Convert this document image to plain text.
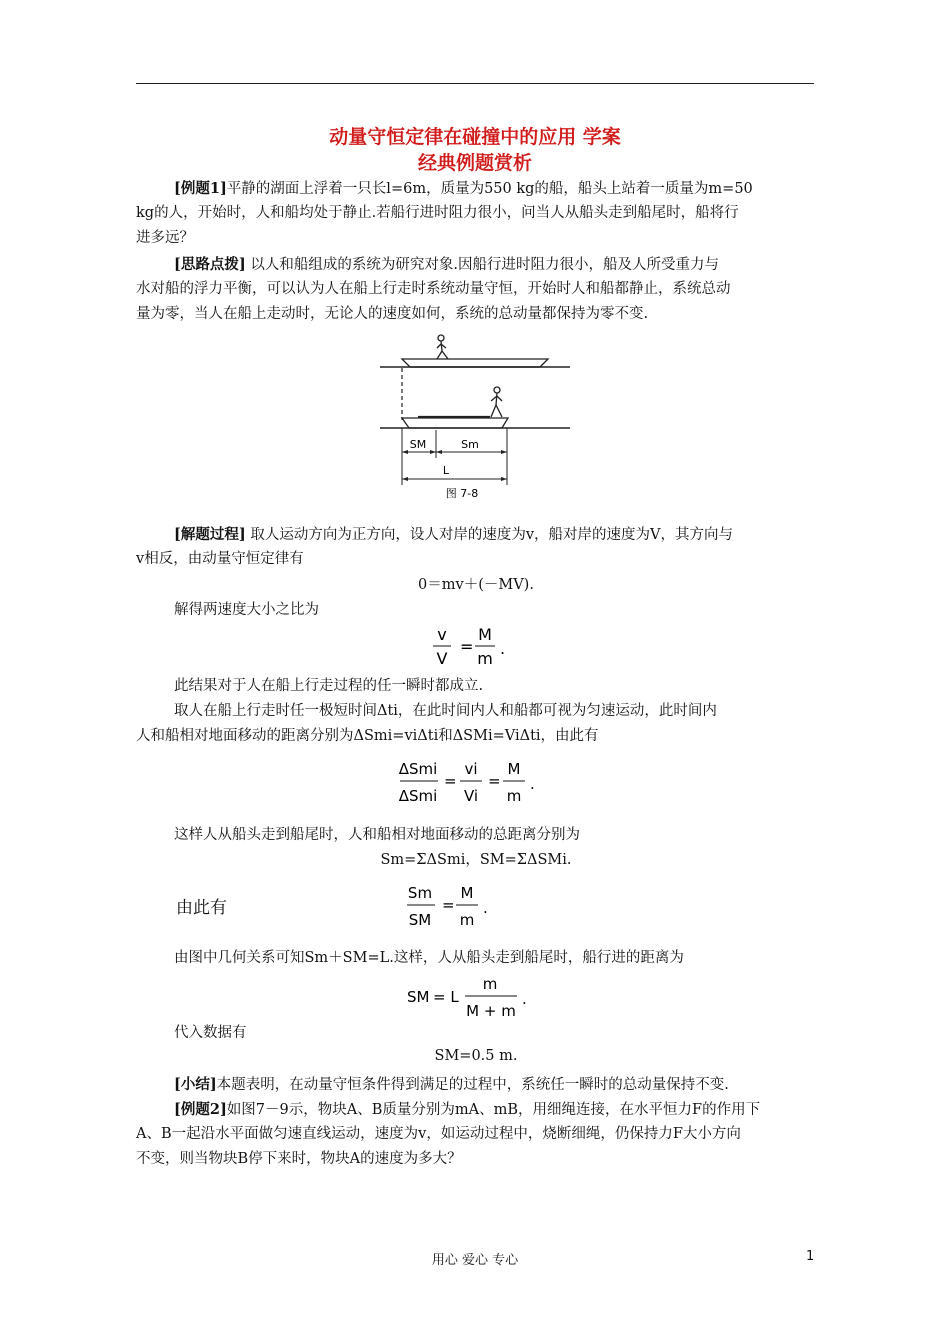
动量守恒定律在碰撞中的应用 学案
经典例题赏析
[例题1]平静的湖面上浮着一只长l=6m，质量为550 kg的船，船头上站着一质量为m=50
kg的人，开始时，人和船均处于静止.若船行进时阻力很小，问当人从船头走到船尾时，船将行
进多远？
[思路点拨] 以人和船组成的系统为研究对象.因船行进时阻力很小，船及人所受重力与
水对船的浮力平衡，可以认为人在船上行走时系统动量守恒，开始时人和船都静止，系统总动
量为零，当人在船上走动时，无论人的速度如何，系统的总动量都保持为零不变.
SM	Sm
L
图 7-8
[解题过程] 取人运动方向为正方向，设人对岸的速度为v，船对岸的速度为V，其方向与
v相反，由动量守恒定律有
0＝mv＋(－MV).
解得两速度大小之比为
v
V
=
M
m
.
此结果对于人在船上行走过程的任一瞬时都成立.
取人在船上行走时任一极短时间Δti，在此时间内人和船都可视为匀速运动，此时间内
人和船相对地面移动的距离分别为ΔSmi=viΔti和ΔSMi=ViΔti，由此有
ΔSmi
ΔSmi
=
vi
Vi
=
M
m
.
这样人从船头走到船尾时，人和船相对地面移动的总距离分别为
Sm=ΣΔSmi，SM=ΣΔSMi.
由此有
Sm
SM
=
M
m
.
由图中几何关系可知Sm＋SM=L.这样，人从船头走到船尾时，船行进的距离为
SM = L
m
M + m
.
代入数据有
SM=0.5 m.
[小结]本题表明，在动量守恒条件得到满足的过程中，系统任一瞬时的总动量保持不变.
[例题2]如图7－9示，物块A、B质量分别为mA、mB，用细绳连接，在水平恒力F的作用下
A、B一起沿水平面做匀速直线运动，速度为v，如运动过程中，烧断细绳，仍保持力F大小方向
不变，则当物块B停下来时，物块A的速度为多大？
用心 爱心 专心	1
